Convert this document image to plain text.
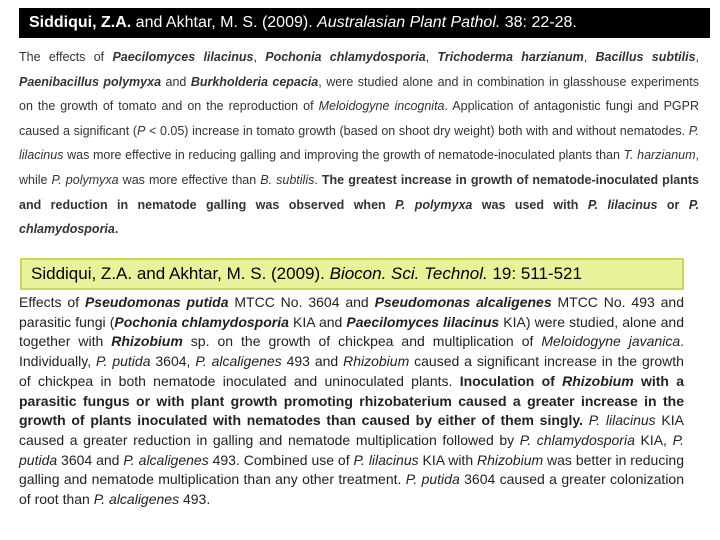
Siddiqui, Z.A. and Akhtar, M. S. (2009). Australasian Plant Pathol. 38: 22-28.

The effects of Paecilomyces lilacinus, Pochonia chlamydosporia, Trichoderma harzianum, Bacillus subtilis, Paenibacillus polymyxa and Burkholderia cepacia, were studied alone and in combination in glasshouse experiments on the growth of tomato and on the reproduction of Meloidogyne incognita. Application of antagonistic fungi and PGPR caused a significant (P < 0.05) increase in tomato growth (based on shoot dry weight) both with and without nematodes. P. lilacinus was more effective in reducing galling and improving the growth of nematode-inoculated plants than T. harzianum, while P. polymyxa was more effective than B. subtilis. The greatest increase in growth of nematode-inoculated plants and reduction in nematode galling was observed when P. polymyxa was used with P. lilacinus or P. chlamydosporia.

Siddiqui, Z.A. and Akhtar, M. S. (2009). Biocon. Sci. Technol. 19: 511-521

Effects of Pseudomonas putida MTCC No. 3604 and Pseudomonas alcaligenes MTCC No. 493 and parasitic fungi (Pochonia chlamydosporia KIA and Paecilomyces lilacinus KIA) were studied, alone and together with Rhizobium sp. on the growth of chickpea and multiplication of Meloidogyne javanica. Individually, P. putida 3604, P. alcaligenes 493 and Rhizobium caused a significant increase in the growth of chickpea in both nematode inoculated and uninoculated plants. Inoculation of Rhizobium with a parasitic fungus or with plant growth promoting rhizobaterium caused a greater increase in the growth of plants inoculated with nematodes than caused by either of them singly. P. lilacinus KIA caused a greater reduction in galling and nematode multiplication followed by P. chlamydosporia KIA, P. putida 3604 and P. alcaligenes 493. Combined use of P. lilacinus KIA with Rhizobium was better in reducing galling and nematode multiplication than any other treatment. P. putida 3604 caused a greater colonization of root than P. alcaligenes 493.
